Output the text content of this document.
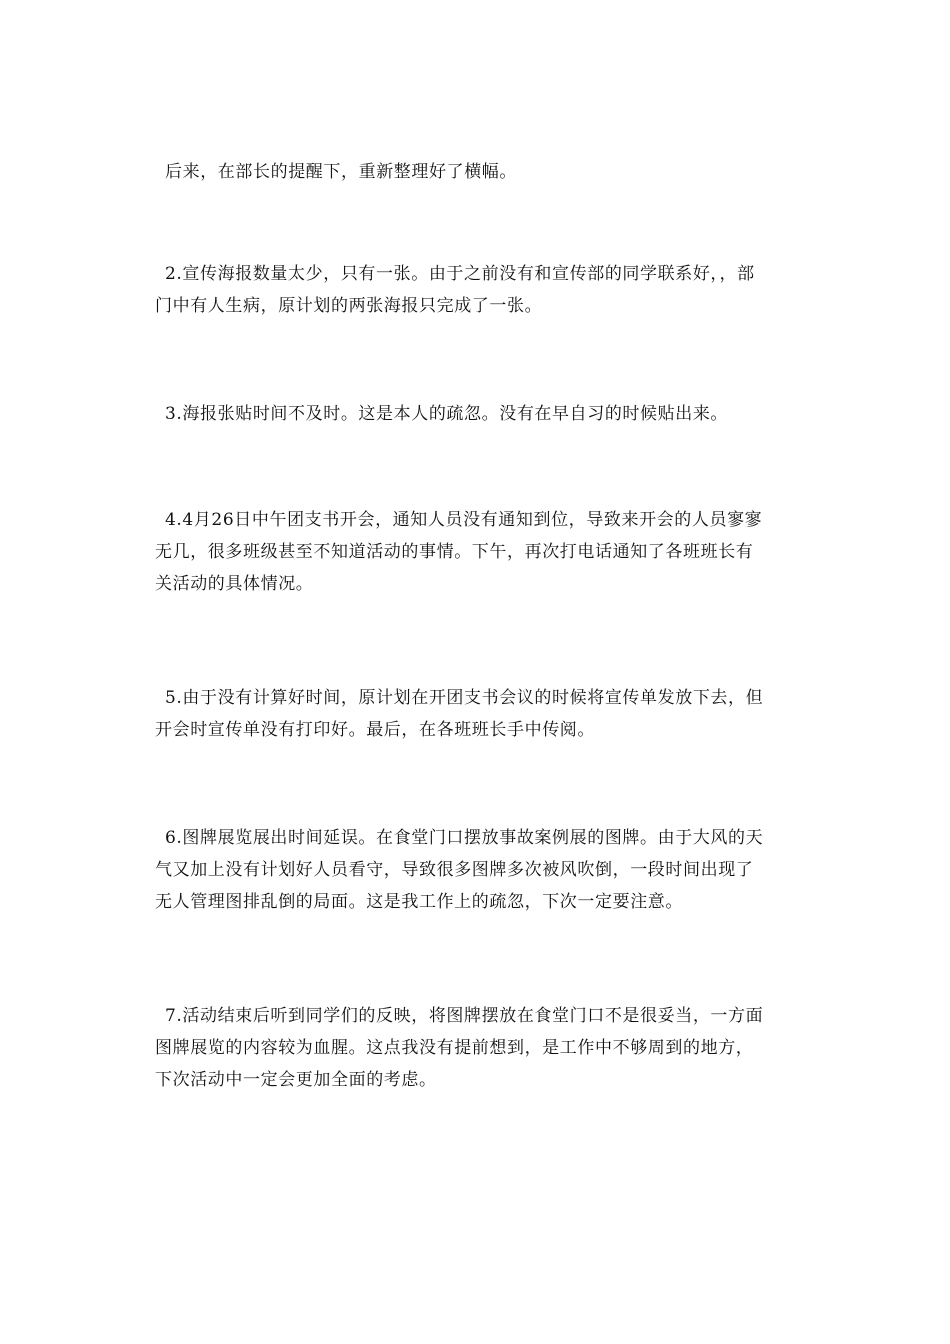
后来，在部长的提醒下，重新整理好了横幅。

2.宣传海报数量太少，只有一张。由于之前没有和宣传部的同学联系好，，部
门中有人生病，原计划的两张海报只完成了一张。

3.海报张贴时间不及时。这是本人的疏忽。没有在早自习的时候贴出来。

4.4月26日中午团支书开会，通知人员没有通知到位，导致来开会的人员寥寥
无几，很多班级甚至不知道活动的事情。下午，再次打电话通知了各班班长有
关活动的具体情况。

5.由于没有计算好时间，原计划在开团支书会议的时候将宣传单发放下去，但
开会时宣传单没有打印好。最后，在各班班长手中传阅。

6.图牌展览展出时间延误。在食堂门口摆放事故案例展的图牌。由于大风的天
气又加上没有计划好人员看守，导致很多图牌多次被风吹倒，一段时间出现了
无人管理图排乱倒的局面。这是我工作上的疏忽，下次一定要注意。

7.活动结束后听到同学们的反映，将图牌摆放在食堂门口不是很妥当，一方面
图牌展览的内容较为血腥。这点我没有提前想到，是工作中不够周到的地方，
下次活动中一定会更加全面的考虑。
